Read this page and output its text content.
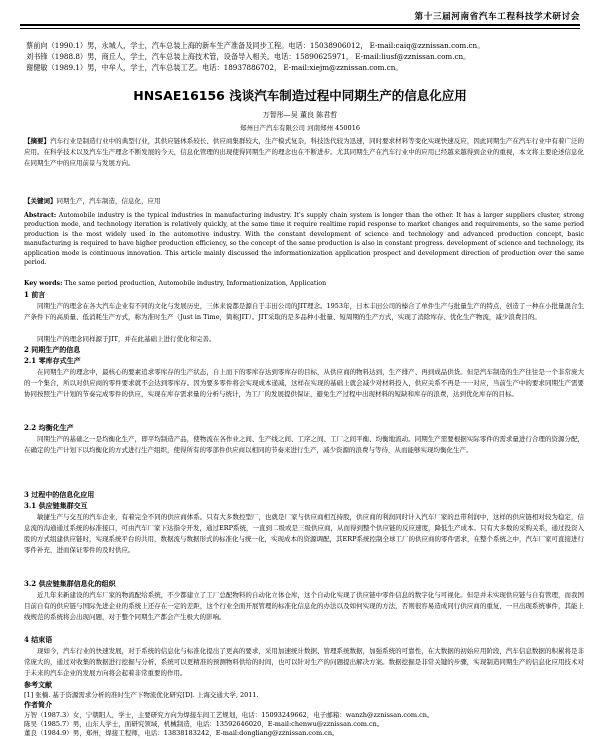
第十三届河南省汽车工程科技学术研讨会
蔡前向（1990.1）男，永城人，学士，汽车总装上海的新车生产准备及同步工程。电话：15038906012， E-mail:caiq@zznissan.com.cn。
刘书锋（1988.8）男，商丘人，学士，汽车总装上海技术管，设备导入相关。电话：15890625971， E-mail:liusf@zznissan.com.cn。
谢健敏（1989.1）男，中牟人，学士，汽车总装工艺。电话：18937886702， E-mail:xiejm@zznissan.com.cn。
HNSAE16156 浅谈汽车制造过程中同期生产的信息化应用
万智彤—吴 董良 陈君哲
郑州日产汽车有限公司 河南郑州 450016
【摘要】汽车行业是制造行业中的典型行业，其供应链体系较长、供应商集群较大，生产模式复杂，科技迭代较为迅速，同时要求材料等变化实现快速反应，因此同期生产在汽车行业中有着广泛的应用。在科学技术以及汽车生产理念不断发展的今天，信息化管理的出现使得同期生产的理念也在不断进步。尤其同期生产在汽车行业中的应用已经越来越得到企业的重视，本文将主要论述信息化在同期生产中的应用前景与发展方向。
【关键词】同期生产，汽车制造，信息化，应用
Abstract: Automobile industry is the typical industries in manufacturing industry. It's supply chain system is longer than the other. It has a larger suppliers cluster, strong production mode, and technology iteration is relatively quickly, at the same time it require realtime rapid response to market changes and requirements, so the same period production is the most widely used in the automotive industry. With the constant development of science and technology and advanced production concept, basic manufacturing is required to have higher production efficiency, so the concept of the same production is also in constant progress. development of science and technology, its application mode is continuous innovation. This article mainly discussed the informationization application prospect and development direction of production over the same period.
Key words: The same period production, Automobile industry, Informationization, Application
1 前言
同期生产的理念在各大汽车企业有不同的文化与发展历史，三体来说都是源自于丰田公司的JIT理念。1953年，日本丰田公司的榛合了单件生产与批量生产的特点，创造了一种在小批量混合生产条件下的高质量、低消耗生产方式，称为准时生产（Just in Time，简称JIT）。JIT采取的是多品种小批量、短周期的生产方式，实现了消除库存、优化生产物流，减少浪费目的。
同期生产的理念同样源于JIT，并在此基础上进行优化和完善。
2 同期生产的信息
2.1 零库存式生产
在同期生产的理念中，最核心的要素追求零库存的生产状态，自上而下的零库存达到零库存的目标，从供应商的物料达到，生产排产、再到成品供货。但是汽车制造的生产往往是一个非常庞大的一个集合，所以对供应商的零件要求就不会达到零库存。因为要多零件将会实现成本递减，这样在实现的基础上就会减少对材料投入，供应关系不再是一一对应，当前生产中的要求同期生产需要协同按照生产计划的节奏完成零件的供应，实现在库存需求量的分析与统计，为工厂的发展提供保证，避免生产过程中出现材料的短缺和库存的浪费，达到优化库存的目标。
2.2 均衡化生产
同期生产的基础之一是均衡化生产，即平均制造产品，使物流在各作业之间、生产线之间、工序之间、工厂之间平衡、均衡地流动。同期生产需要根据实际零件的需求量进行合理的资源分配，在确定的生产计划下以均衡化的方式进行生产组织，使得所有的零部件供应商以相同的节奏来进行生产，减少资源的浪费与等待，从而能够实现均衡化生产。
3 过程中的信息化应用
3.1 供应链集群交互
敏捷生产与交互的汽车企业，有着完全不同的供应商体系。只有大多数控型厂，也就是厂家与供应商相互持股，供应商的利润同时计入汽车厂家的总带利润中，这样的供应链相对较为稳定，信息流的沟通通过系统的标准接口，可由汽车厂家下达指令开发，通过ERP系统，一直到二级或是三级供应商，从而得到整个供应链的反应速度，降低生产成本。只有大多数的采购关系，通过投资入股的方式组建供应链时，实现系统平台的共用，数据流与数据形式的标准化与统一化，实现成本的资源调配，其ERP系统控制全球工厂的供应商的零件需求，在整个系统之中，汽车厂家可直接进行零件补充，进而保证零件的及时供应。
3.2 供应链集群信息化的组织
近几年来新建设的汽车厂家的物流配给系统，不少都建立了工厂总配物料的自动化立体仓库，这个自动化实现了供应链中零件信息的数字化与可视化。但是并未实现供应链与自有管理，而我国目前自有的供应链与国际先进企业的系统上还存在一定的差距，这个行业全面开展管理的标准化信息化的办法以及如何实现的方法，否则很容易造成同行供应商的重复，一旦出现系统事件，其能上线规范的系统将会出现问题，对于整个同期生产都会产生极大的影响。
4 结束语
现如今，汽车行业的快速发展，对于系统的信息化与标准化提出了更高的要求，采用加速统计数据、管理系统数据，加强系统的可靠性，在大数据的初始应用阶段，汽车信息数据的积累将是非常庞大的，通过对收集的数据进行挖掘与分析，系统可以更精准的预测物料供给的时间，也可以针对生产的问题提出解决方案。数据挖掘是非常关键的步骤，实现制造同期生产的信息化应用技术对于未来的汽车企业的发展方向将会起着非常重要的作用。
参考文献
[1] 张楠. 基于资源需求分析的准时生产下物流优化研究[D]. 上海交通大学, 2011.
作者简介
万智（1987.3）女，宁朝阳人，学士，主要研究方向为焊接车间工艺规划，电话：15093249662，电子邮箱：wanzh@zznissan.com.cn。
陈吴（1985.7）男，山东人学士，面研究领域，机械制造，电话：13592646020，E-mail:chenwu@zznissan.com.cn。
董良（1984.9）男，郑州，焊接工程师，电话：13838183242，E-mail:dongliang@zznissan.com.cn。
